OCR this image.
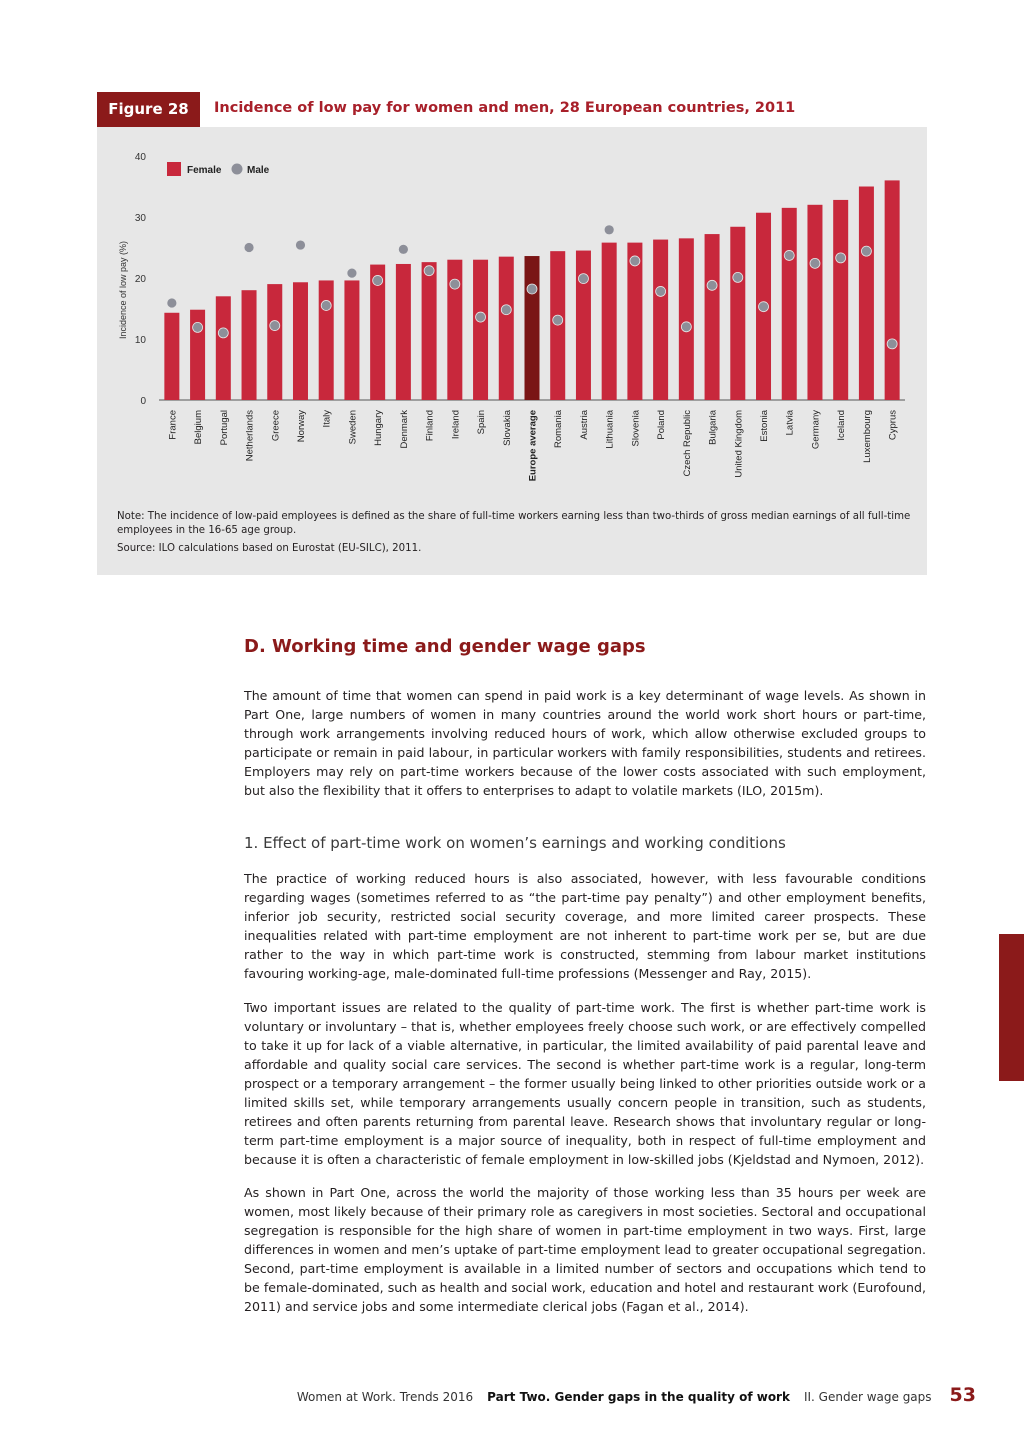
Figure 28	Incidence of low pay for women and men, 28 European countries, 2011
0
10
20
30
40
Incidence of low pay (%)
France Belgium Portugal Netherlands Greece Norway Italy Sweden Hungary Denmark Finland Ireland Spain Slovakia Europe average Romania Austria Lithuania Slovenia Poland Czech Republic Bulgaria United Kingdom Estonia Latvia Germany Iceland Luxembourg Cyprus
Female	Male

Note: The incidence of low-paid employees is defined as the share of full-time workers earning less than two-thirds of gross median earnings of all full-time employees in the 16-65 age group.

Source: ILO calculations based on Eurostat (EU-SILC), 2011.

D. Working time and gender wage gaps

The amount of time that women can spend in paid work is a key determinant of wage levels. As shown in Part One, large numbers of women in many countries around the world work short hours or part-time, through work arrangements involving reduced hours of work, which allow otherwise excluded groups to participate or remain in paid labour, in particular workers with family responsibilities, students and retirees. Employers may rely on part-time workers because of the lower costs associated with such employment, but also the flexibility that it offers to enterprises to adapt to volatile markets (ILO, 2015m).

1. Effect of part-time work on women’s earnings and working conditions

The practice of working reduced hours is also associated, however, with less favourable conditions regarding wages (sometimes referred to as “the part-time pay penalty”) and other employment benefits, inferior job security, restricted social security coverage, and more limited career prospects. These inequalities related with part-time employment are not inherent to part-time work per se, but are due rather to the way in which part-time work is constructed, stemming from labour market institutions favouring working-age, male-dominated full-time professions (Messenger and Ray, 2015).

Two important issues are related to the quality of part-time work. The first is whether part-time work is voluntary or involuntary – that is, whether employees freely choose such work, or are effectively compelled to take it up for lack of a viable alternative, in particular, the limited availability of paid parental leave and affordable and quality social care services. The second is whether part-time work is a regular, long-term prospect or a temporary arrangement – the former usually being linked to other priorities outside work or a limited skills set, while temporary arrangements usually concern people in transition, such as students, retirees and often parents returning from parental leave. Research shows that involuntary regular or long-term part-time employment is a major source of inequality, both in respect of full-time employment and because it is often a characteristic of female employment in low-skilled jobs (Kjeldstad and Nymoen, 2012).

As shown in Part One, across the world the majority of those working less than 35 hours per week are women, most likely because of their primary role as caregivers in most societies. Sectoral and occupational segregation is responsible for the high share of women in part-time employment in two ways. First, large differences in women and men’s uptake of part-time employment lead to greater occupational segregation. Second, part-time employment is available in a limited number of sectors and occupations which tend to be female-dominated, such as health and social work, education and hotel and restaurant work (Eurofound, 2011) and service jobs and some intermediate clerical jobs (Fagan et al., 2014).

Women at Work. Trends 2016 Part Two. Gender gaps in the quality of work II. Gender wage gaps 53
